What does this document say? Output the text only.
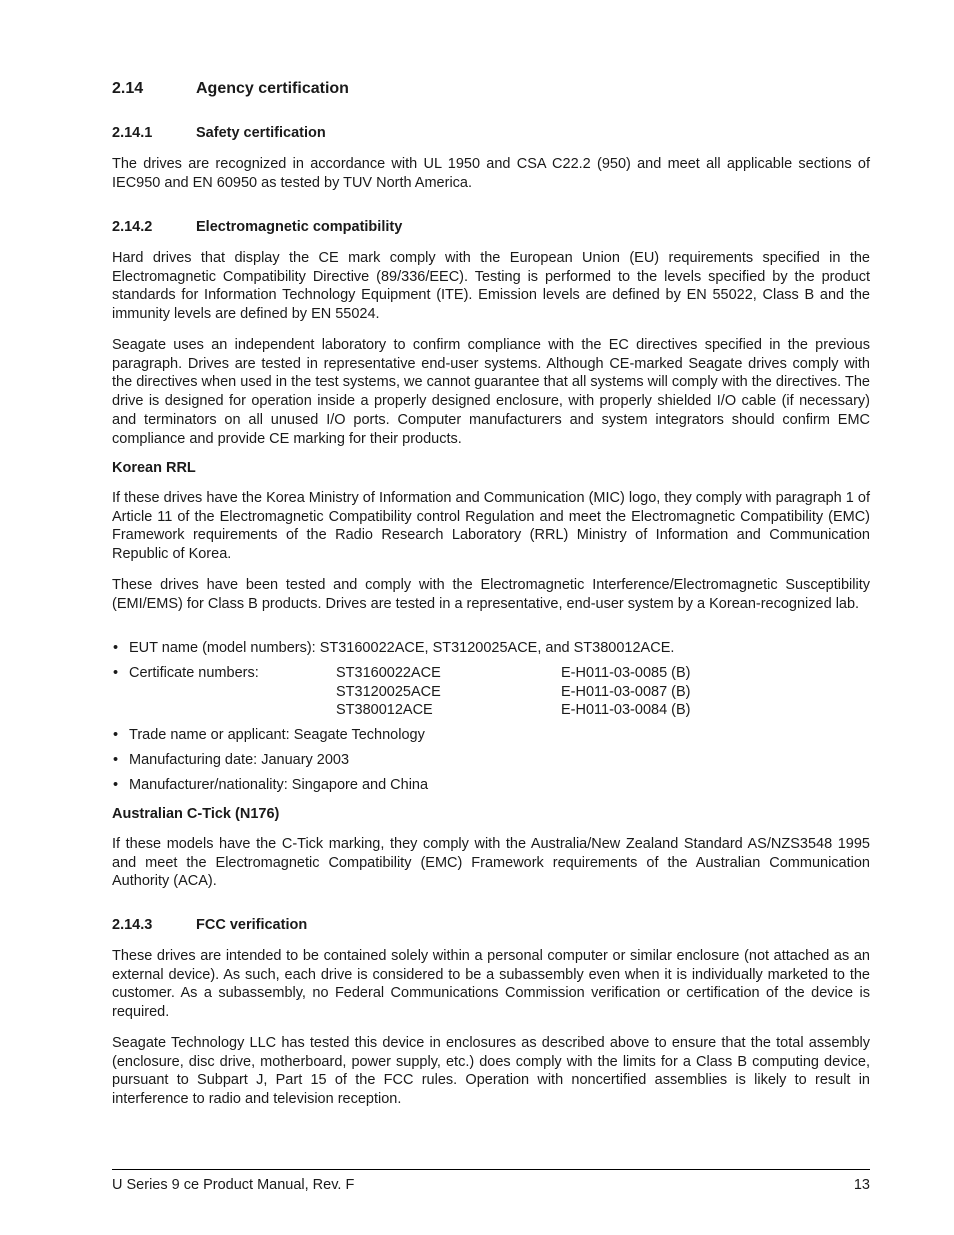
2.14	Agency certification
2.14.1	Safety certification

The drives are recognized in accordance with UL 1950 and CSA C22.2 (950) and meet all applicable sections of IEC950 and EN 60950 as tested by TUV North America.

2.14.2	Electromagnetic compatibility

Hard drives that display the CE mark comply with the European Union (EU) requirements specified in the Electromagnetic Compatibility Directive (89/336/EEC). Testing is performed to the levels specified by the product standards for Information Technology Equipment (ITE). Emission levels are defined by EN 55022, Class B and the immunity levels are defined by EN 55024.

Seagate uses an independent laboratory to confirm compliance with the EC directives specified in the previous paragraph. Drives are tested in representative end-user systems. Although CE-marked Seagate drives comply with the directives when used in the test systems, we cannot guarantee that all systems will comply with the directives. The drive is designed for operation inside a properly designed enclosure, with properly shielded I/O cable (if necessary) and terminators on all unused I/O ports. Computer manufacturers and system integrators should confirm EMC compliance and provide CE marking for their products.

Korean RRL

If these drives have the Korea Ministry of Information and Communication (MIC) logo, they comply with paragraph 1 of Article 11 of the Electromagnetic Compatibility control Regulation and meet the Electromagnetic Compatibility (EMC) Framework requirements of the Radio Research Laboratory (RRL) Ministry of Information and Communication Republic of Korea.

These drives have been tested and comply with the Electromagnetic Interference/Electromagnetic Susceptibility (EMI/EMS) for Class B products. Drives are tested in a representative, end-user system by a Korean-recognized lab.

• EUT name (model numbers): ST3160022ACE, ST3120025ACE, and ST380012ACE.
• Certificate numbers:	ST3160022ACE	E-H011-03-0085 (B)
ST3120025ACE	E-H011-03-0087 (B)
ST380012ACE	E-H011-03-0084 (B)
• Trade name or applicant: Seagate Technology
• Manufacturing date: January 2003
• Manufacturer/nationality: Singapore and China
Australian C-Tick (N176)

If these models have the C-Tick marking, they comply with the Australia/New Zealand Standard AS/NZS3548 1995 and meet the Electromagnetic Compatibility (EMC) Framework requirements of the Australian Communication Authority (ACA).

2.14.3	FCC verification

These drives are intended to be contained solely within a personal computer or similar enclosure (not attached as an external device). As such, each drive is considered to be a subassembly even when it is individually marketed to the customer. As a subassembly, no Federal Communications Commission verification or certification of the device is required.

Seagate Technology LLC has tested this device in enclosures as described above to ensure that the total assembly (enclosure, disc drive, motherboard, power supply, etc.) does comply with the limits for a Class B computing device, pursuant to Subpart J, Part 15 of the FCC rules. Operation with noncertified assemblies is likely to result in interference to radio and television reception.

U Series 9 ce Product Manual, Rev. F	13
